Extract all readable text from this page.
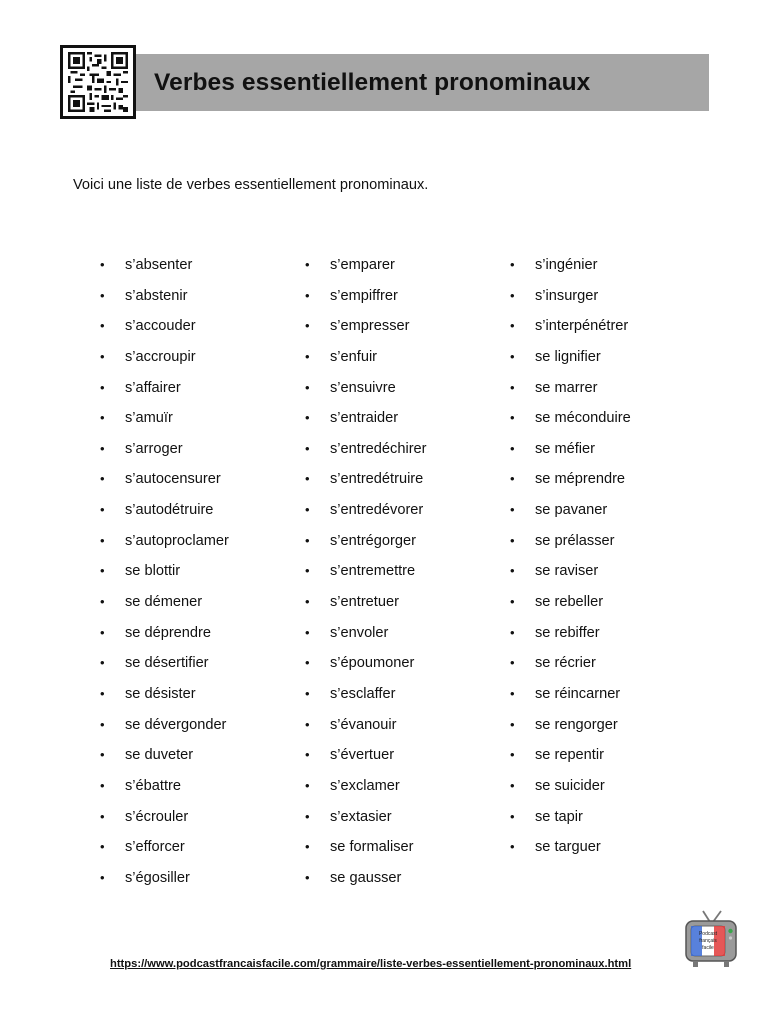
Verbes essentiellement pronominaux
Voici une liste de verbes essentiellement pronominaux.
• s’absenter
• s’abstenir
• s’accouder
• s’accroupir
• s’affairer
• s’amuïr
• s’arroger
• s’autocensurer
• s’autodétruire
• s’autoproclamer
• se blottir
• se démener
• se déprendre
• se désertifier
• se désister
• se dévergonder
• se duveter
• s’ébattre
• s’écrouler
• s’efforcer
• s’égosiller
• s’emparer
• s’empiffrer
• s’empresser
• s’enfuir
• s’ensuivre
• s’entraider
• s’entredéchirer
• s’entredétruire
• s’entredévorer
• s’entrégorger
• s’entremettre
• s’entretuer
• s’envoler
• s’époumoner
• s’esclaffer
• s’évanouir
• s’évertuer
• s’exclamer
• s’extasier
• se formaliser
• se gausser
• s’ingénier
• s’insurger
• s’interpénétrer
• se lignifier
• se marrer
• se méconduire
• se méfier
• se méprendre
• se pavaner
• se prélasser
• se raviser
• se rebeller
• se rebiffer
• se récrier
• se réincarner
• se rengorger
• se repentir
• se suicider
• se tapir
• se targuer
https://www.podcastfrancaisfacile.com/grammaire/liste-verbes-essentiellement-pronominaux.html
Podcast
français
facile
